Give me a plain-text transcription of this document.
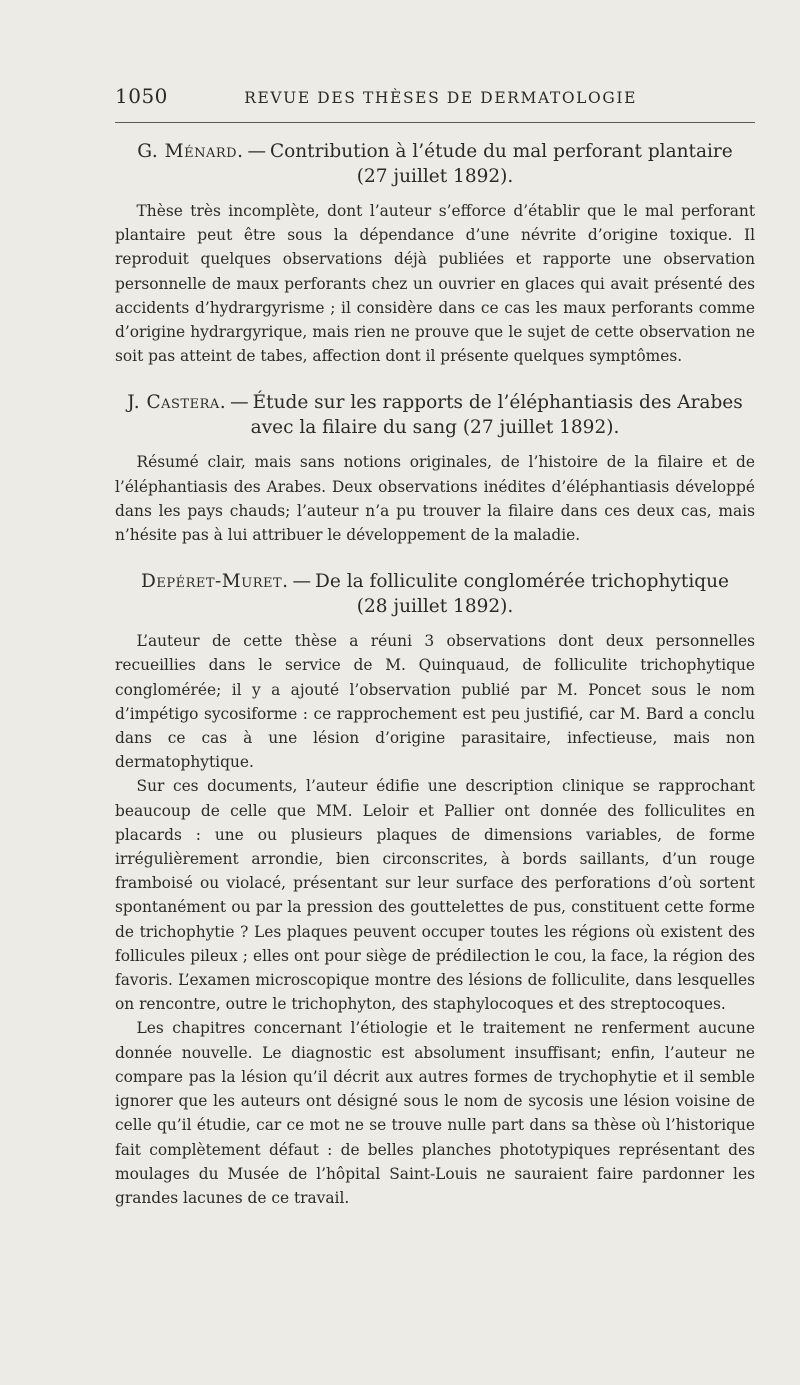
1050	REVUE DES THÈSES DE DERMATOLOGIE
G. Ménard. — Contribution à l’étude du mal perforant plantaire
(27 juillet 1892).

Thèse très incomplète, dont l’auteur s’efforce d’établir que le mal perforant plantaire peut être sous la dépendance d’une névrite d’origine toxique. Il reproduit quelques observations déjà publiées et rapporte une observation personnelle de maux perforants chez un ouvrier en glaces qui avait présenté des accidents d’hydrargyrisme ; il considère dans ce cas les maux perforants comme d’origine hydrargyrique, mais rien ne prouve que le sujet de cette observation ne soit pas atteint de tabes, affection dont il présente quelques symptômes.

J. Castera. — Étude sur les rapports de l’éléphantiasis des Arabes
avec la filaire du sang (27 juillet 1892).

Résumé clair, mais sans notions originales, de l’histoire de la filaire et de l’éléphantiasis des Arabes. Deux observations inédites d’éléphantiasis développé dans les pays chauds; l’auteur n’a pu trouver la filaire dans ces deux cas, mais n’hésite pas à lui attribuer le développement de la maladie.

Depéret-Muret. — De la folliculite conglomérée trichophytique
(28 juillet 1892).

L’auteur de cette thèse a réuni 3 observations dont deux personnelles recueillies dans le service de M. Quinquaud, de folliculite trichophytique conglomérée; il y a ajouté l’observation publié par M. Poncet sous le nom d’impétigo sycosiforme : ce rapprochement est peu justifié, car M. Bard a conclu dans ce cas à une lésion d’origine parasitaire, infectieuse, mais non dermatophytique.

Sur ces documents, l’auteur édifie une description clinique se rapprochant beaucoup de celle que MM. Leloir et Pallier ont donnée des folliculites en placards : une ou plusieurs plaques de dimensions variables, de forme irrégulièrement arrondie, bien circonscrites, à bords saillants, d’un rouge framboisé ou violacé, présentant sur leur surface des perforations d’où sortent spontanément ou par la pression des gouttelettes de pus, constituent cette forme de trichophytie ? Les plaques peuvent occuper toutes les régions où existent des follicules pileux ; elles ont pour siège de prédilection le cou, la face, la région des favoris. L’examen microscopique montre des lésions de folliculite, dans lesquelles on rencontre, outre le trichophyton, des staphylocoques et des streptocoques.

Les chapitres concernant l’étiologie et le traitement ne renferment aucune donnée nouvelle. Le diagnostic est absolument insuffisant; enfin, l’auteur ne compare pas la lésion qu’il décrit aux autres formes de trychophytie et il semble ignorer que les auteurs ont désigné sous le nom de sycosis une lésion voisine de celle qu’il étudie, car ce mot ne se trouve nulle part dans sa thèse où l’historique fait complètement défaut : de belles planches phototypiques représentant des moulages du Musée de l’hôpital Saint-Louis ne sauraient faire pardonner les grandes lacunes de ce travail.
